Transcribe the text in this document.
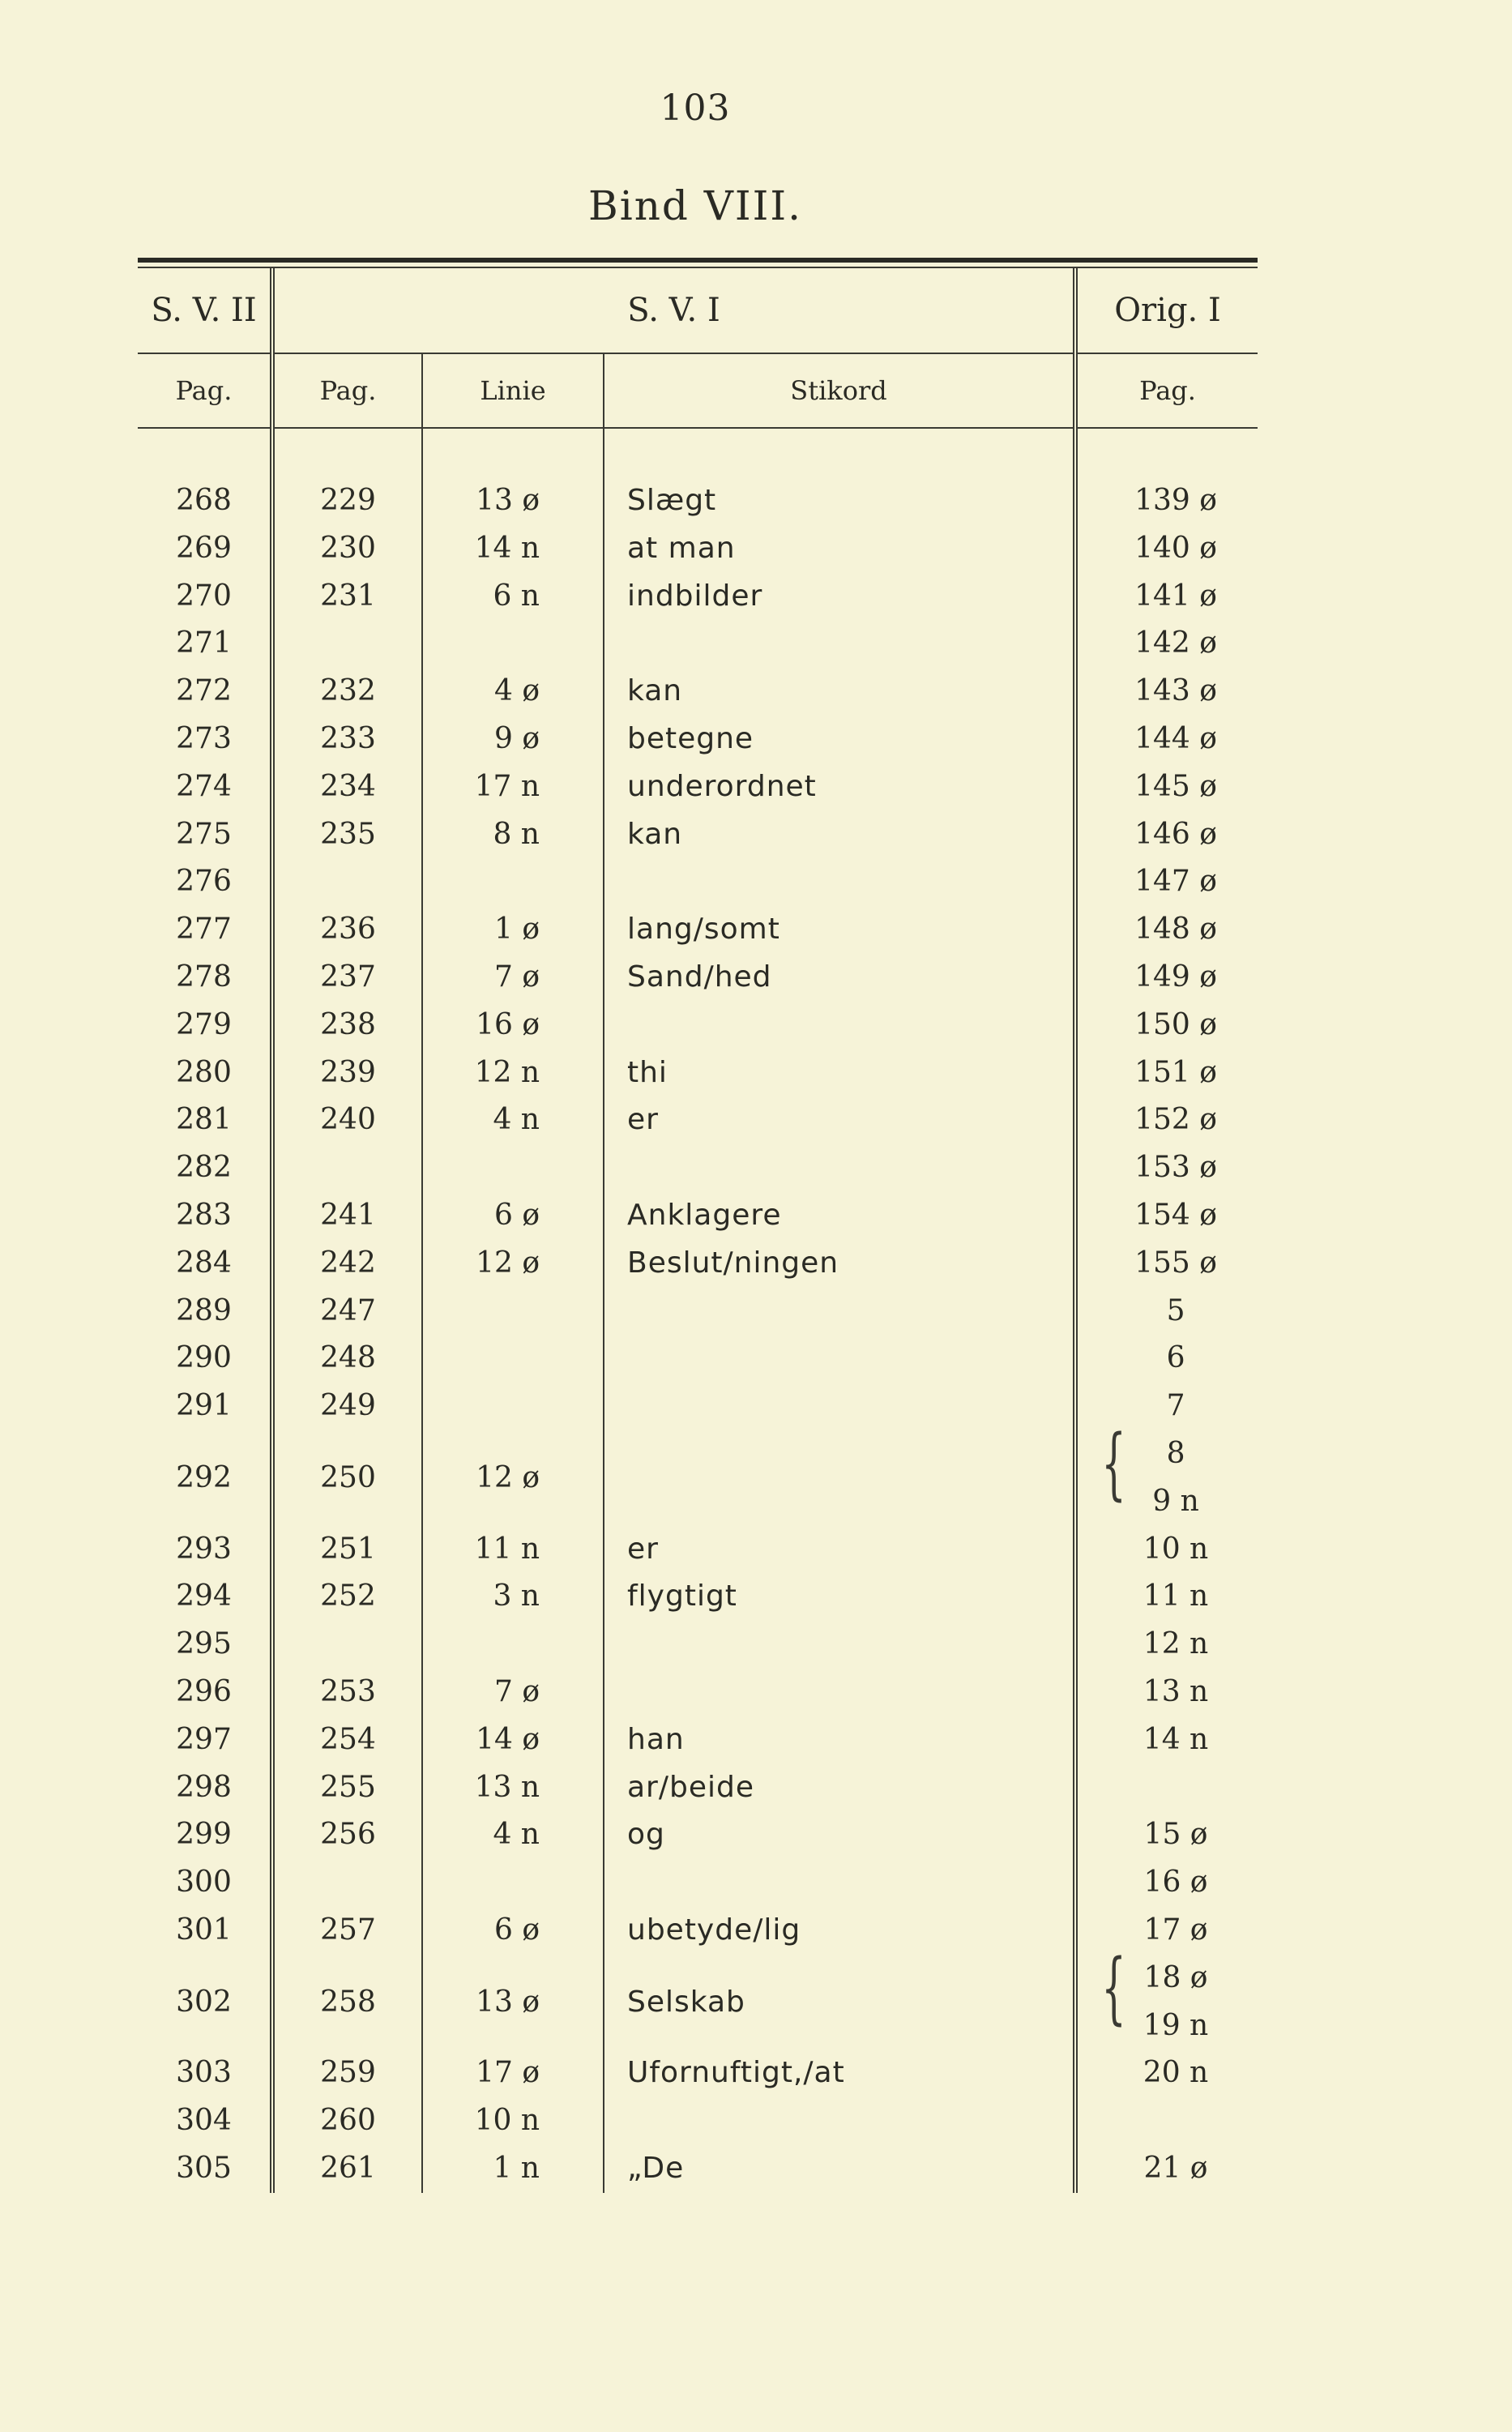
103
Bind VIII.
S. V. II	S. V. I			Orig. I
Pag.	Pag.	Linie	Stikord	Pag.

268	229	13 ø	Slægt	139 ø
269	230	14 n	at man	140 ø
270	231	6 n	indbilder	141 ø
271				142 ø
272	232	4 ø	kan	143 ø
273	233	9 ø	betegne	144 ø
274	234	17 n	underordnet	145 ø
275	235	8 n	kan	146 ø
276				147 ø
277	236	1 ø	lang/somt	148 ø
278	237	7 ø	Sand/hed	149 ø
279	238	16 ø		150 ø
280	239	12 n	thi	151 ø
281	240	4 n	er	152 ø
282				153 ø
283	241	6 ø	Anklagere	154 ø
284	242	12 ø	Beslut/ningen	155 ø
289	247			5
290	248			6
291	249			7
292	250	12 ø		{ 8
9 n

293	251	11 n	er	10 n
294	252	3 n	flygtigt	11 n
295				12 n
296	253	7 ø		13 n
297	254	14 ø	han	14 n
298	255	13 n	ar/beide	
299	256	4 n	og	15 ø
300				16 ø
301	257	6 ø	ubetyde/lig	17 ø
302	258	13 ø	Selskab	{ 18 ø
19 n

303	259	17 ø	Ufornuftigt,/at	20 n
304	260	10 n		
305	261	1 n	„De	21 ø
